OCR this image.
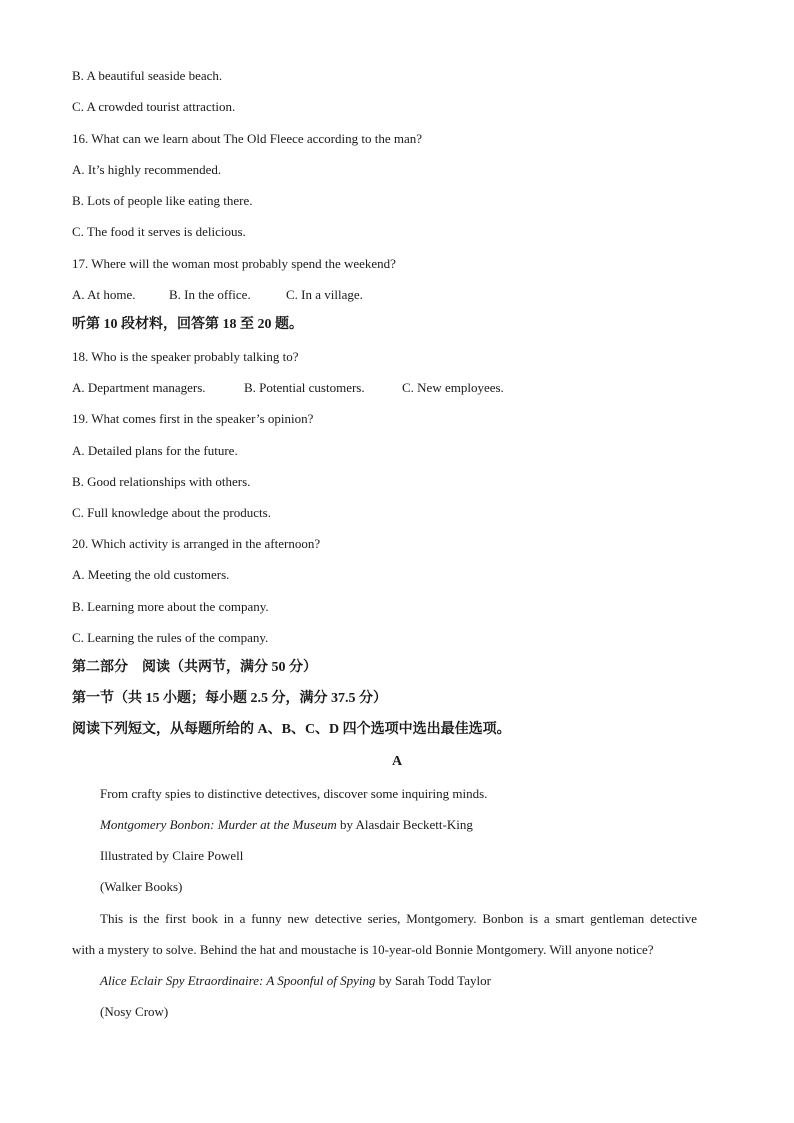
B. A beautiful seaside beach.
C. A crowded tourist attraction.
16. What can we learn about The Old Fleece according to the man?
A. It’s highly recommended.
B. Lots of people like eating there.
C. The food it serves is delicious.
17. Where will the woman most probably spend the weekend?
A. At home.	B. In the office.	C. In a village.
听第 10 段材料，回答第 18 至 20 题。
18. Who is the speaker probably talking to?
A. Department managers.	B. Potential customers.	C. New employees.
19. What comes first in the speaker’s opinion?
A. Detailed plans for the future.
B. Good relationships with others.
C. Full knowledge about the products.
20. Which activity is arranged in the afternoon?
A. Meeting the old customers.
B. Learning more about the company.
C. Learning the rules of the company.
第二部分　阅读（共两节，满分 50 分）
第一节（共 15 小题；每小题 2.5 分，满分 37.5 分）
阅读下列短文，从每题所给的 A、B、C、D 四个选项中选出最佳选项。
A
From crafty spies to distinctive detectives, discover some inquiring minds.
Montgomery Bonbon: Murder at the Museum by Alasdair Beckett-King
Illustrated by Claire Powell
(Walker Books)
This is the first book in a funny new detective series, Montgomery. Bonbon is a smart gentleman detective
with a mystery to solve. Behind the hat and moustache is 10-year-old Bonnie Montgomery. Will anyone notice?
Alice Eclair Spy Etraordinaire: A Spoonful of Spying by Sarah Todd Taylor
(Nosy Crow)
